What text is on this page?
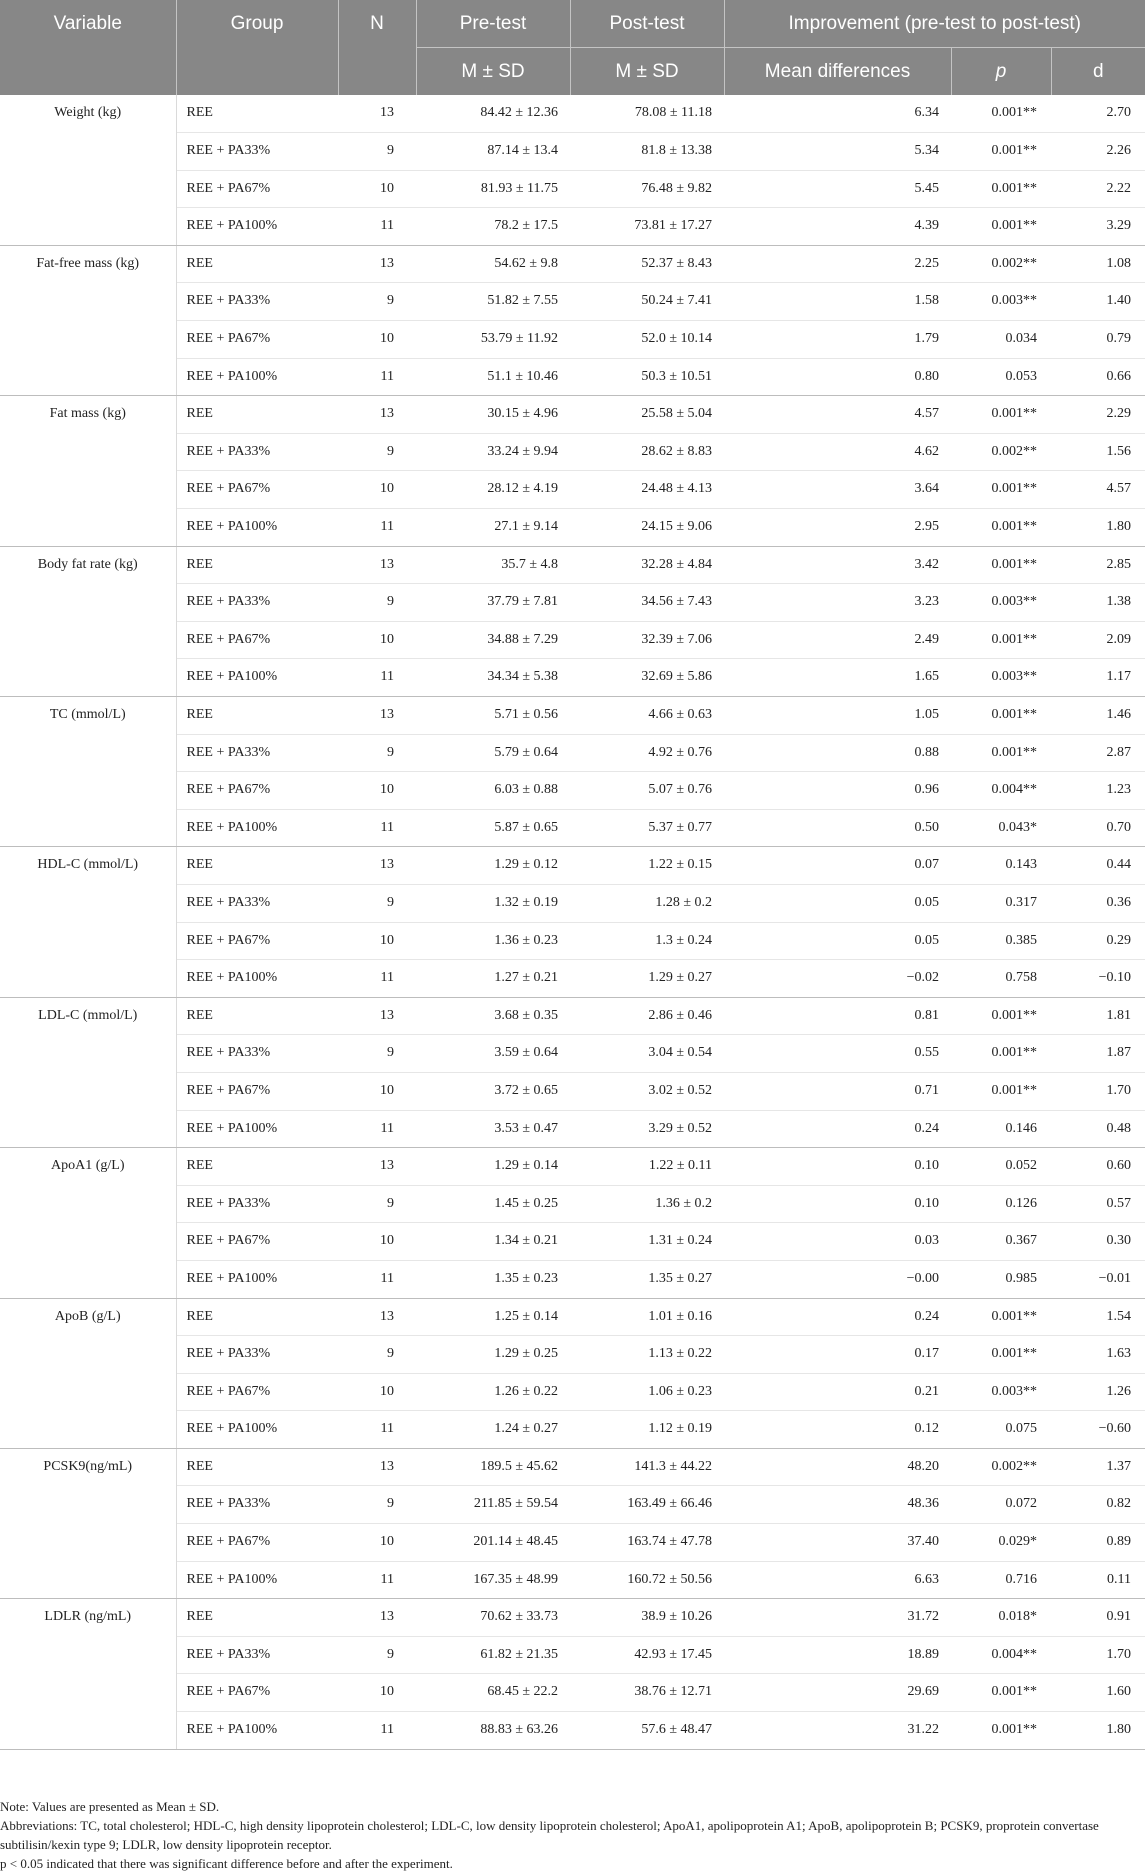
Variable	Group	N	Pre-test	Post-test	Improvement (pre-test to post-test)		
			M ± SD	M ± SD	Mean differences	p	d
Weight (kg)	REE	13	84.42 ± 12.36	78.08 ± 11.18	6.34	0.001**	2.70
	REE + PA33%	9	87.14 ± 13.4	81.8 ± 13.38	5.34	0.001**	2.26
	REE + PA67%	10	81.93 ± 11.75	76.48 ± 9.82	5.45	0.001**	2.22
	REE + PA100%	11	78.2 ± 17.5	73.81 ± 17.27	4.39	0.001**	3.29
Fat-free mass (kg)	REE	13	54.62 ± 9.8	52.37 ± 8.43	2.25	0.002**	1.08
	REE + PA33%	9	51.82 ± 7.55	50.24 ± 7.41	1.58	0.003**	1.40
	REE + PA67%	10	53.79 ± 11.92	52.0 ± 10.14	1.79	0.034	0.79
	REE + PA100%	11	51.1 ± 10.46	50.3 ± 10.51	0.80	0.053	0.66
Fat mass (kg)	REE	13	30.15 ± 4.96	25.58 ± 5.04	4.57	0.001**	2.29
	REE + PA33%	9	33.24 ± 9.94	28.62 ± 8.83	4.62	0.002**	1.56
	REE + PA67%	10	28.12 ± 4.19	24.48 ± 4.13	3.64	0.001**	4.57
	REE + PA100%	11	27.1 ± 9.14	24.15 ± 9.06	2.95	0.001**	1.80
Body fat rate (kg)	REE	13	35.7 ± 4.8	32.28 ± 4.84	3.42	0.001**	2.85
	REE + PA33%	9	37.79 ± 7.81	34.56 ± 7.43	3.23	0.003**	1.38
	REE + PA67%	10	34.88 ± 7.29	32.39 ± 7.06	2.49	0.001**	2.09
	REE + PA100%	11	34.34 ± 5.38	32.69 ± 5.86	1.65	0.003**	1.17
TC (mmol/L)	REE	13	5.71 ± 0.56	4.66 ± 0.63	1.05	0.001**	1.46
	REE + PA33%	9	5.79 ± 0.64	4.92 ± 0.76	0.88	0.001**	2.87
	REE + PA67%	10	6.03 ± 0.88	5.07 ± 0.76	0.96	0.004**	1.23
	REE + PA100%	11	5.87 ± 0.65	5.37 ± 0.77	0.50	0.043*	0.70
HDL-C (mmol/L)	REE	13	1.29 ± 0.12	1.22 ± 0.15	0.07	0.143	0.44
	REE + PA33%	9	1.32 ± 0.19	1.28 ± 0.2	0.05	0.317	0.36
	REE + PA67%	10	1.36 ± 0.23	1.3 ± 0.24	0.05	0.385	0.29
	REE + PA100%	11	1.27 ± 0.21	1.29 ± 0.27	−0.02	0.758	−0.10
LDL-C (mmol/L)	REE	13	3.68 ± 0.35	2.86 ± 0.46	0.81	0.001**	1.81
	REE + PA33%	9	3.59 ± 0.64	3.04 ± 0.54	0.55	0.001**	1.87
	REE + PA67%	10	3.72 ± 0.65	3.02 ± 0.52	0.71	0.001**	1.70
	REE + PA100%	11	3.53 ± 0.47	3.29 ± 0.52	0.24	0.146	0.48
ApoA1 (g/L)	REE	13	1.29 ± 0.14	1.22 ± 0.11	0.10	0.052	0.60
	REE + PA33%	9	1.45 ± 0.25	1.36 ± 0.2	0.10	0.126	0.57
	REE + PA67%	10	1.34 ± 0.21	1.31 ± 0.24	0.03	0.367	0.30
	REE + PA100%	11	1.35 ± 0.23	1.35 ± 0.27	−0.00	0.985	−0.01
ApoB (g/L)	REE	13	1.25 ± 0.14	1.01 ± 0.16	0.24	0.001**	1.54
	REE + PA33%	9	1.29 ± 0.25	1.13 ± 0.22	0.17	0.001**	1.63
	REE + PA67%	10	1.26 ± 0.22	1.06 ± 0.23	0.21	0.003**	1.26
	REE + PA100%	11	1.24 ± 0.27	1.12 ± 0.19	0.12	0.075	−0.60
PCSK9(ng/mL)	REE	13	189.5 ± 45.62	141.3 ± 44.22	48.20	0.002**	1.37
	REE + PA33%	9	211.85 ± 59.54	163.49 ± 66.46	48.36	0.072	0.82
	REE + PA67%	10	201.14 ± 48.45	163.74 ± 47.78	37.40	0.029*	0.89
	REE + PA100%	11	167.35 ± 48.99	160.72 ± 50.56	6.63	0.716	0.11
LDLR (ng/mL)	REE	13	70.62 ± 33.73	38.9 ± 10.26	31.72	0.018*	0.91
	REE + PA33%	9	61.82 ± 21.35	42.93 ± 17.45	18.89	0.004**	1.70
	REE + PA67%	10	68.45 ± 22.2	38.76 ± 12.71	29.69	0.001**	1.60
	REE + PA100%	11	88.83 ± 63.26	57.6 ± 48.47	31.22	0.001**	1.80

Note: Values are presented as Mean ± SD.

Abbreviations: TC, total cholesterol; HDL-C, high density lipoprotein cholesterol; LDL-C, low density lipoprotein cholesterol; ApoA1, apolipoprotein A1; ApoB, apolipoprotein B; PCSK9, proprotein convertase subtilisin/kexin type 9; LDLR, low density lipoprotein receptor.

p < 0.05 indicated that there was significant difference before and after the experiment.
